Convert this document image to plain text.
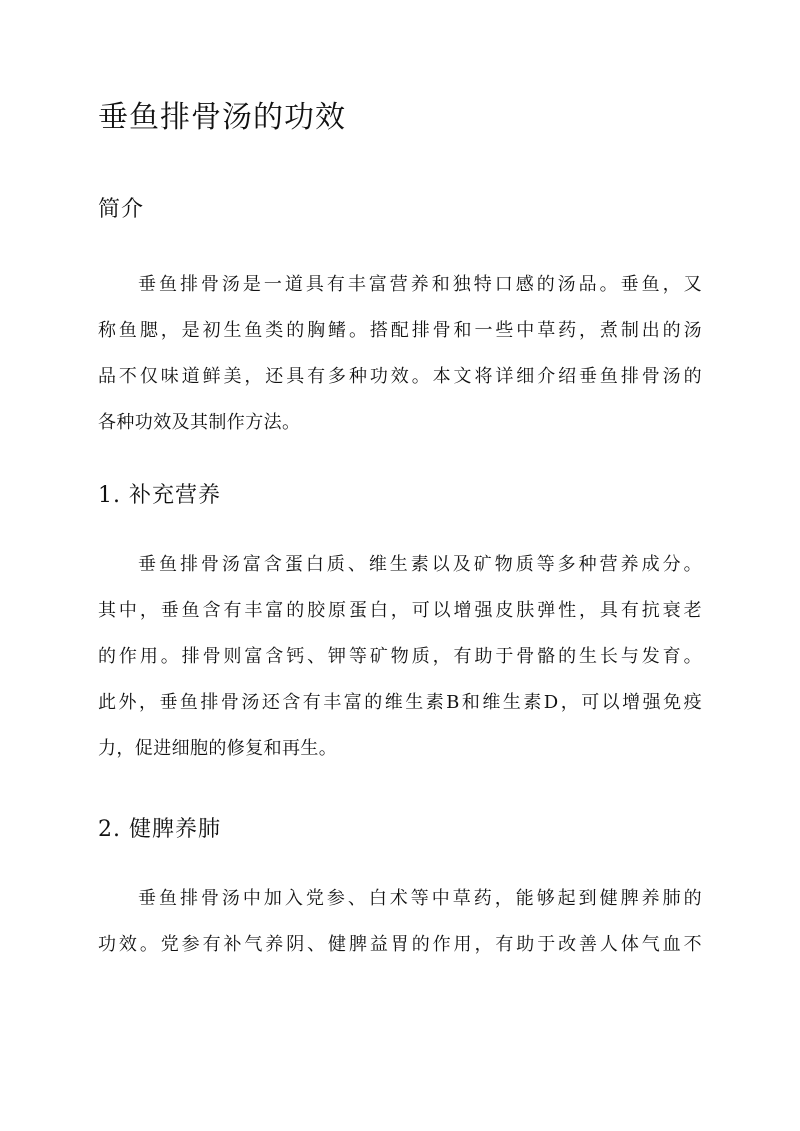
垂鱼排骨汤的功效
简介
垂鱼排骨汤是一道具有丰富营养和独特口感的汤品。垂鱼，又
称鱼腮，是初生鱼类的胸鳍。搭配排骨和一些中草药，煮制出的汤
品不仅味道鲜美，还具有多种功效。本文将详细介绍垂鱼排骨汤的
各种功效及其制作方法。
1. 补充营养
垂鱼排骨汤富含蛋白质、维生素以及矿物质等多种营养成分。
其中，垂鱼含有丰富的胶原蛋白，可以增强皮肤弹性，具有抗衰老
的作用。排骨则富含钙、钾等矿物质，有助于骨骼的生长与发育。
此外，垂鱼排骨汤还含有丰富的维生素B和维生素D，可以增强免疫
力，促进细胞的修复和再生。
2. 健脾养肺
垂鱼排骨汤中加入党参、白术等中草药，能够起到健脾养肺的
功效。党参有补气养阴、健脾益胃的作用，有助于改善人体气血不
